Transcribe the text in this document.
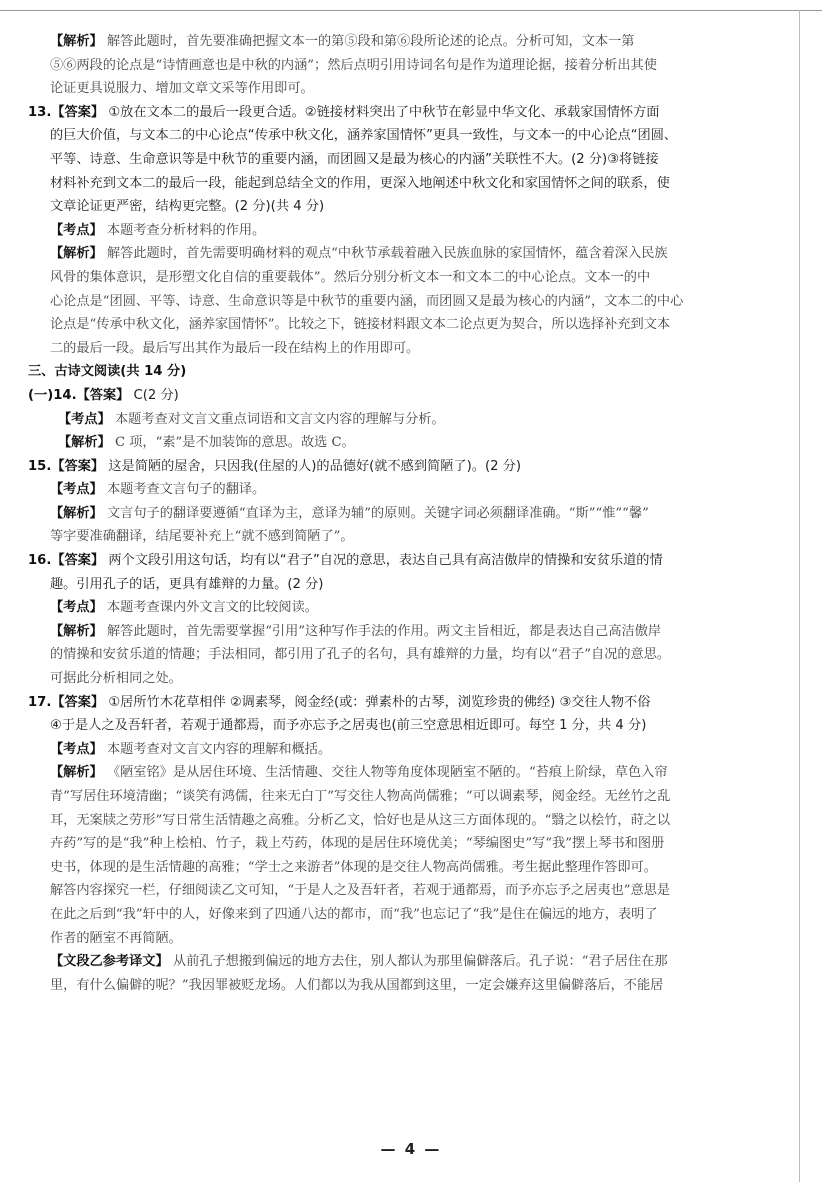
【解析】 解答此题时，首先要准确把握文本一的第⑤段和第⑥段所论述的论点。分析可知，文本一第
⑤⑥两段的论点是“诗情画意也是中秋的内涵”；然后点明引用诗词名句是作为道理论据，接着分析出其使
论证更具说服力、增加文章文采等作用即可。
13.【答案】 ①放在文本二的最后一段更合适。②链接材料突出了中秋节在彰显中华文化、承载家国情怀方面
的巨大价值，与文本二的中心论点“传承中秋文化，涵养家国情怀”更具一致性，与文本一的中心论点“团圆、
平等、诗意、生命意识等是中秋节的重要内涵，而团圆又是最为核心的内涵”关联性不大。(2 分)③将链接
材料补充到文本二的最后一段，能起到总结全文的作用，更深入地阐述中秋文化和家国情怀之间的联系，使
文章论证更严密，结构更完整。(2 分)(共 4 分)
【考点】 本题考查分析材料的作用。
【解析】 解答此题时，首先需要明确材料的观点“中秋节承载着融入民族血脉的家国情怀，蕴含着深入民族
风骨的集体意识，是形塑文化自信的重要载体”。然后分别分析文本一和文本二的中心论点。文本一的中
心论点是“团圆、平等、诗意、生命意识等是中秋节的重要内涵，而团圆又是最为核心的内涵”，文本二的中心
论点是“传承中秋文化，涵养家国情怀”。比较之下，链接材料跟文本二论点更为契合，所以选择补充到文本
二的最后一段。最后写出其作为最后一段在结构上的作用即可。
三、古诗文阅读(共 14 分)
(一)14.【答案】 C(2 分)
【考点】 本题考查对文言文重点词语和文言文内容的理解与分析。
【解析】 C 项，“素”是不加装饰的意思。故选 C。
15.【答案】 这是简陋的屋舍，只因我(住屋的人)的品德好(就不感到简陋了)。(2 分)
【考点】 本题考查文言句子的翻译。
【解析】 文言句子的翻译要遵循“直译为主，意译为辅”的原则。关键字词必须翻译准确。“斯”“惟”“馨”
等字要准确翻译，结尾要补充上“就不感到简陋了”。
16.【答案】 两个文段引用这句话，均有以“君子”自况的意思，表达自己具有高洁傲岸的情操和安贫乐道的情
趣。引用孔子的话，更具有雄辩的力量。(2 分)
【考点】 本题考查课内外文言文的比较阅读。
【解析】 解答此题时，首先需要掌握“引用”这种写作手法的作用。两文主旨相近，都是表达自己高洁傲岸
的情操和安贫乐道的情趣；手法相同，都引用了孔子的名句，具有雄辩的力量，均有以“君子”自况的意思。
可据此分析相同之处。
17.【答案】 ①居所竹木花草相伴 ②调素琴，阅金经(或：弹素朴的古琴，浏览珍贵的佛经) ③交往人物不俗
④于是人之及吾轩者，若观于通都焉，而予亦忘予之居夷也(前三空意思相近即可。每空 1 分，共 4 分)
【考点】 本题考查对文言文内容的理解和概括。
【解析】 《陋室铭》是从居住环境、生活情趣、交往人物等角度体现陋室不陋的。“苔痕上阶绿，草色入帘
青”写居住环境清幽；“谈笑有鸿儒，往来无白丁”写交往人物高尚儒雅；“可以调素琴，阅金经。无丝竹之乱
耳，无案牍之劳形”写日常生活情趣之高雅。分析乙文，恰好也是从这三方面体现的。“翳之以桧竹，莳之以
卉药”写的是“我”种上桧柏、竹子，栽上芍药，体现的是居住环境优美；“琴编图史”写“我”摆上琴书和图册
史书，体现的是生活情趣的高雅；“学士之来游者”体现的是交往人物高尚儒雅。考生据此整理作答即可。
解答内容探究一栏，仔细阅读乙文可知，“于是人之及吾轩者，若观于通都焉，而予亦忘予之居夷也”意思是
在此之后到“我”轩中的人，好像来到了四通八达的都市，而“我”也忘记了“我”是住在偏远的地方，表明了
作者的陋室不再简陋。
【文段乙参考译文】 从前孔子想搬到偏远的地方去住，别人都认为那里偏僻落后。孔子说：“君子居住在那
里，有什么偏僻的呢？”我因罪被贬龙场。人们都以为我从国都到这里，一定会嫌弃这里偏僻落后，不能居
— 4 —
